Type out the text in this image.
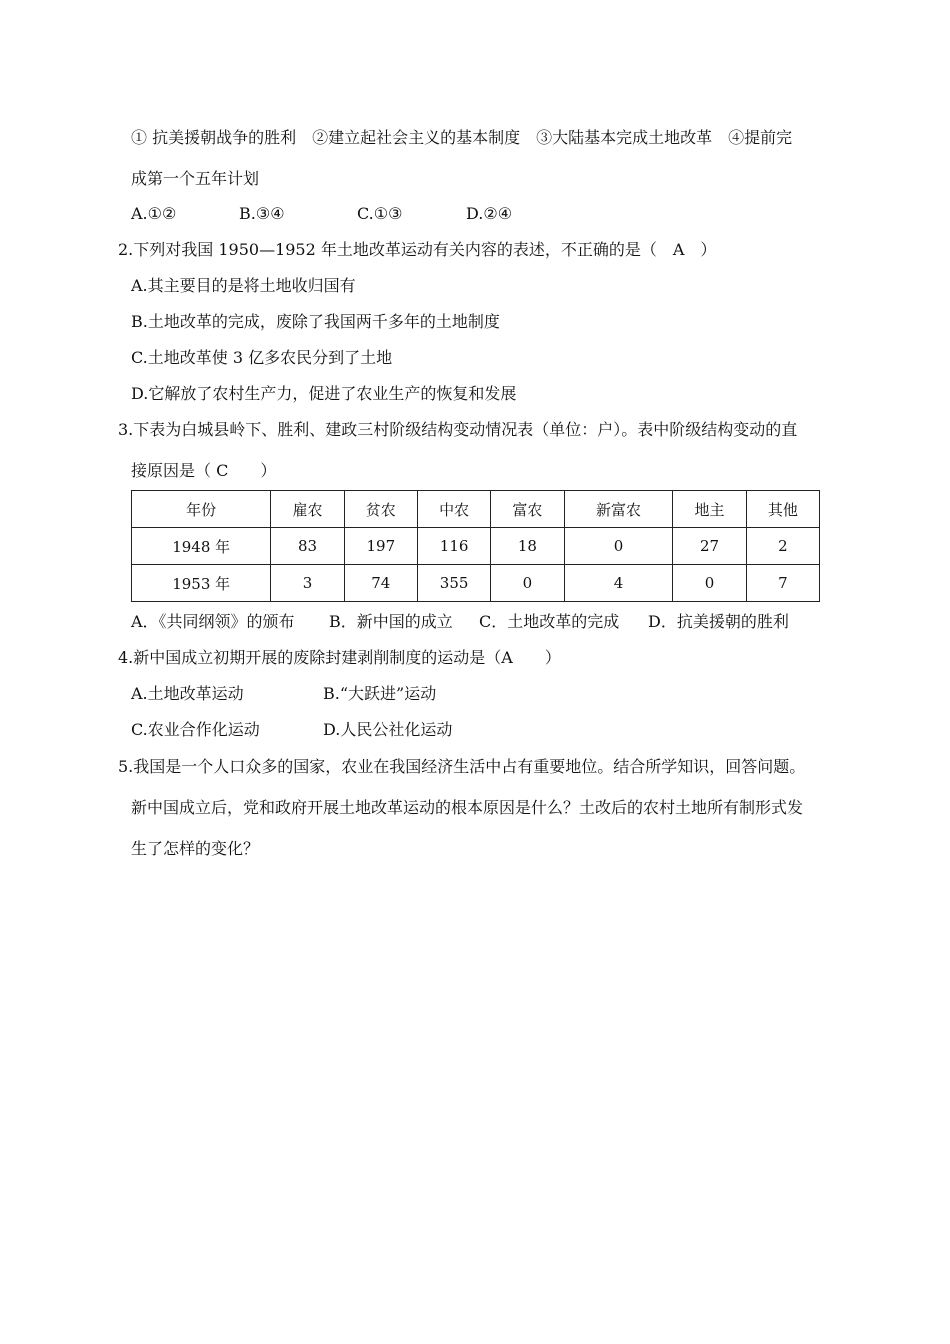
① 抗美援朝战争的胜利　②建立起社会主义的基本制度　③大陆基本完成土地改革　④提前完
成第一个五年计划
A.①②	B.③④	C.①③	D.②④
2.下列对我国 1950—1952 年土地改革运动有关内容的表述，不正确的是（　A　）
A.其主要目的是将土地收归国有
B.土地改革的完成，废除了我国两千多年的土地制度
C.土地改革使 3 亿多农民分到了土地
D.它解放了农村生产力，促进了农业生产的恢复和发展
3.下表为白城县岭下、胜利、建政三村阶级结构变动情况表（单位：户）。表中阶级结构变动的直
接原因是（ C　　）
年份	雇农	贫农	中农	富农	新富农	地主	其他
1948 年	83	197	116	18	0	27	2
1953 年	3	74	355	0	4	0	7
A．《共同纲领》的颁布 B．新中国的成立 C．土地改革的完成 D．抗美援朝的胜利
4.新中国成立初期开展的废除封建剥削制度的运动是（A　　）
A.土地改革运动	B.“大跃进”运动
C.农业合作化运动	D.人民公社化运动
5.我国是一个人口众多的国家，农业在我国经济生活中占有重要地位。结合所学知识，回答问题。
新中国成立后，党和政府开展土地改革运动的根本原因是什么？土改后的农村土地所有制形式发
生了怎样的变化？
